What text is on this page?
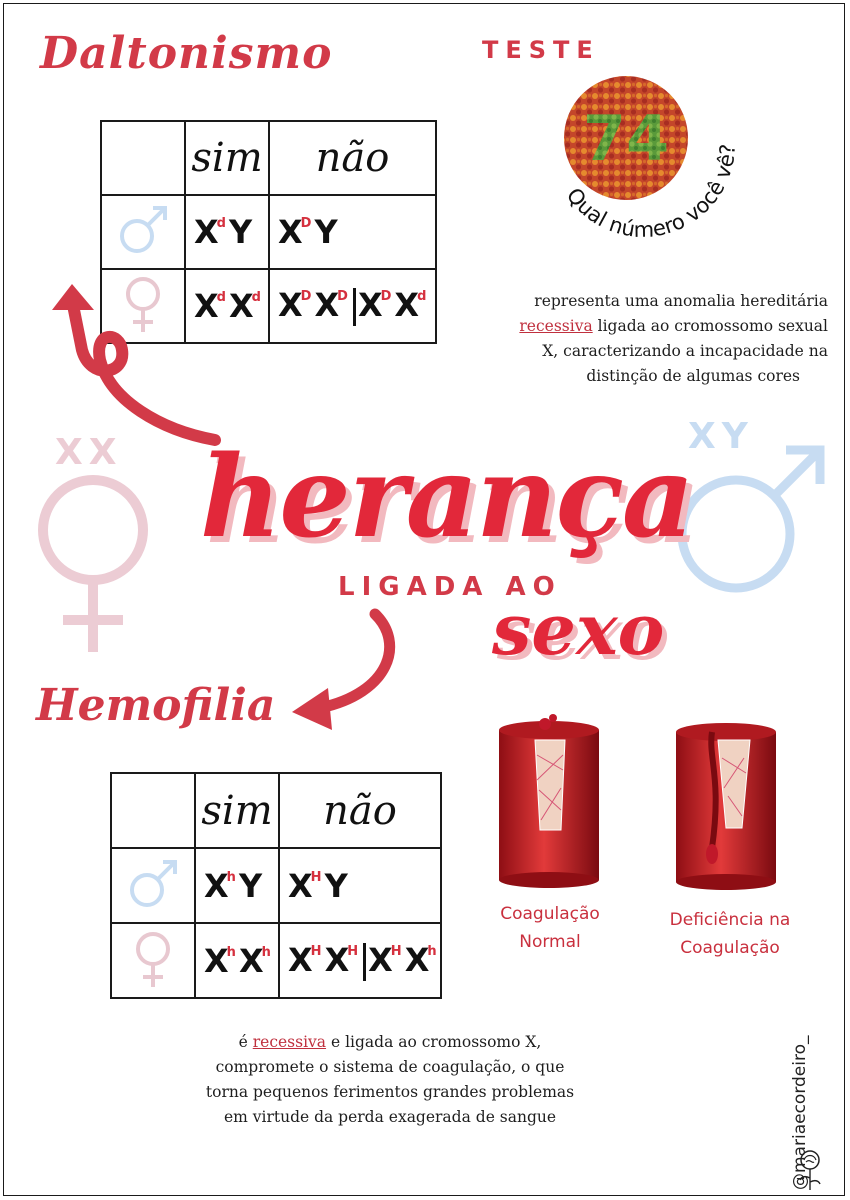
Daltonismo	TESTE
74
Qual número você vê?
	sim	não
	$X^dY$	$X^DY$
	$X^dX^d$	$X^DX^D$ $X^DX^d$	representa uma anomalia hereditária
recessiva ligada ao cromossomo sexual
X, caracterizando a incapacidade na
distinção de algumas cores
XX	XY
herança
LIGADA AO
sexo
Hemofilia
	sim	não
	$X^hY$	$X^HY$
	$X^hX^h$	$X^HX^H$ $X^HX^h$
Coagulação
Normal
Deficiência na
Coagulação
é recessiva e ligada ao cromossomo X,
compromete o sistema de coagulação, o que
torna pequenos ferimentos grandes problemas
em virtude da perda exagerada de sangue	@mariaecordeiro_
